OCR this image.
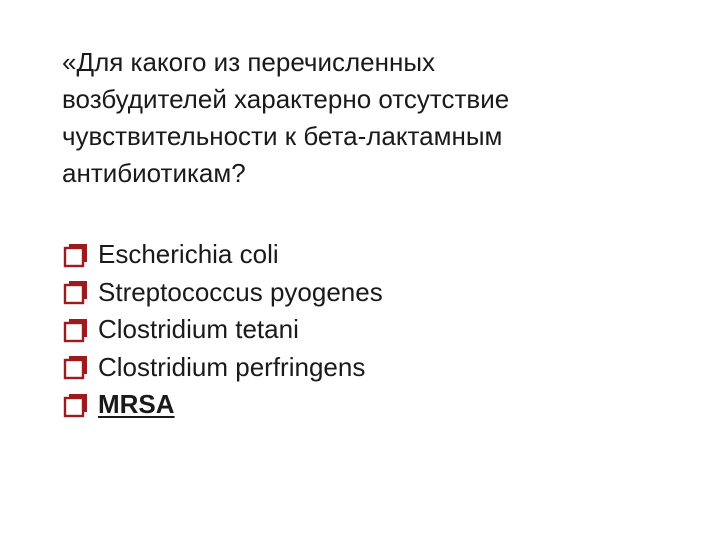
«Для какого из перечисленных
возбудителей характерно отсутствие
чувствительности к бета-лактамным
антибиотикам?

Escherichia coli
Streptococcus pyogenes
Clostridium tetani
Clostridium perfringens
MRSA
